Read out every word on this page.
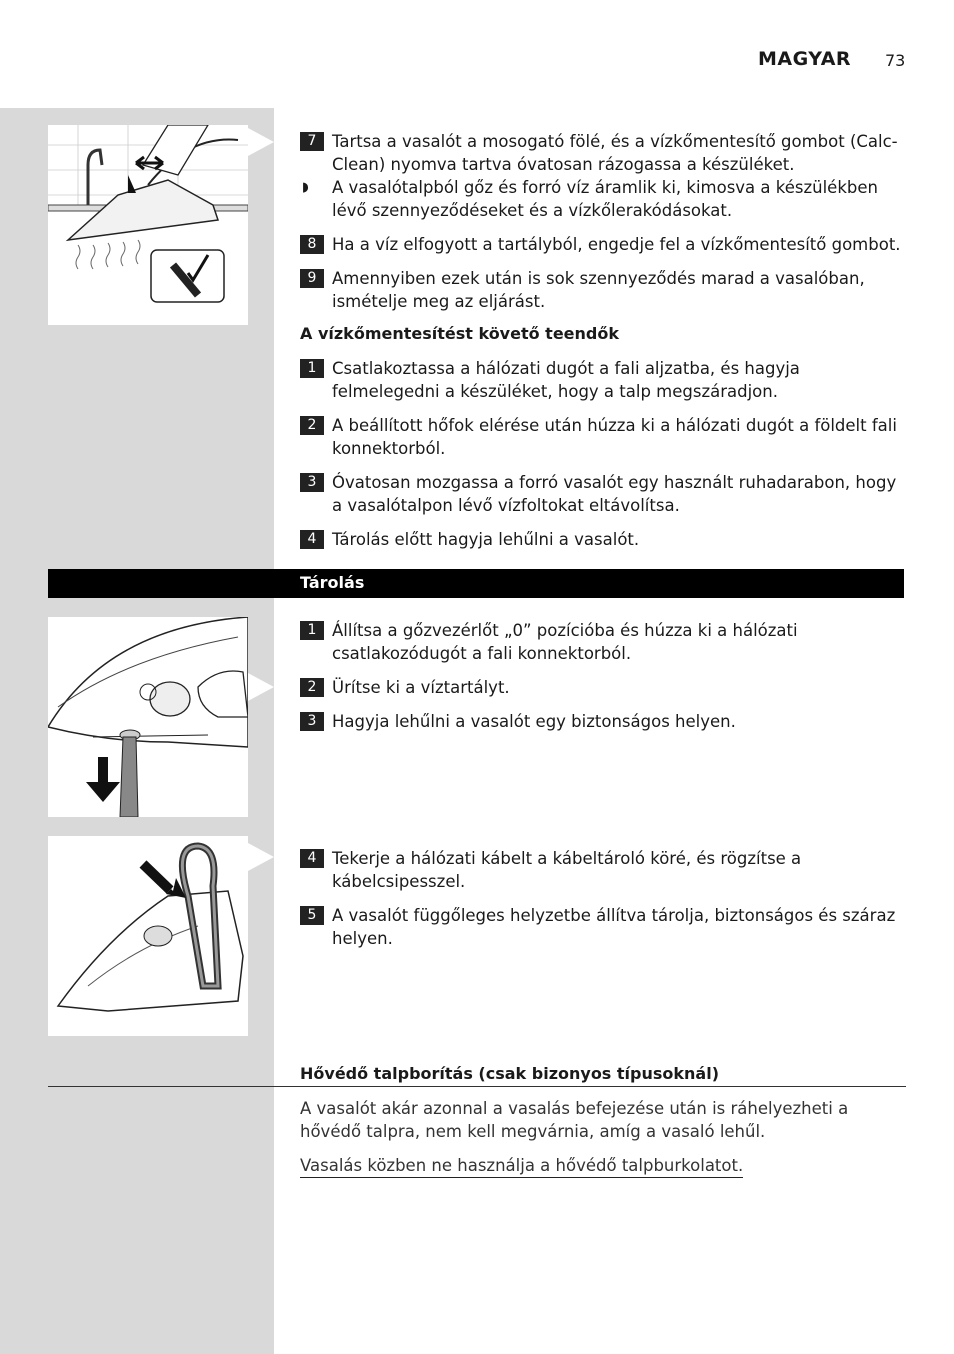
MAGYAR 73
7 Tartsa a vasalót a mosogató fölé, és a vízkőmentesítő gombot (Calc-Clean) nyomva tartva óvatosan rázogassa a készüléket.
◗ A vasalótalpból gőz és forró víz áramlik ki, kimosva a készülékben lévő szennyeződéseket és a vízkőlerakódásokat.
8 Ha a víz elfogyott a tartályból, engedje fel a vízkőmentesítő gombot.
9 Amennyiben ezek után is sok szennyeződés marad a vasalóban, ismételje meg az eljárást.
A vízkőmentesítést követő teendők
1 Csatlakoztassa a hálózati dugót a fali aljzatba, és hagyja felmelegedni a készüléket, hogy a talp megszáradjon.
2 A beállított hőfok elérése után húzza ki a hálózati dugót a földelt fali konnektorból.
3 Óvatosan mozgassa a forró vasalót egy használt ruhadarabon, hogy a vasalótalpon lévő vízfoltokat eltávolítsa.
4 Tárolás előtt hagyja lehűlni a vasalót.
Tárolás
1 Állítsa a gőzvezérlőt „0” pozícióba és húzza ki a hálózati csatlakozódugót a fali konnektorból.
2 Ürítse ki a víztartályt.
3 Hagyja lehűlni a vasalót egy biztonságos helyen.
4 Tekerje a hálózati kábelt a kábeltároló köré, és rögzítse a kábelcsipesszel.
5 A vasalót függőleges helyzetbe állítva tárolja, biztonságos és száraz helyen.
Hővédő talpborítás (csak bizonyos típusoknál)
A vasalót akár azonnal a vasalás befejezése után is ráhelyezheti a hővédő talpra, nem kell megvárnia, amíg a vasaló lehűl.
Vasalás közben ne használja a hővédő talpburkolatot.
